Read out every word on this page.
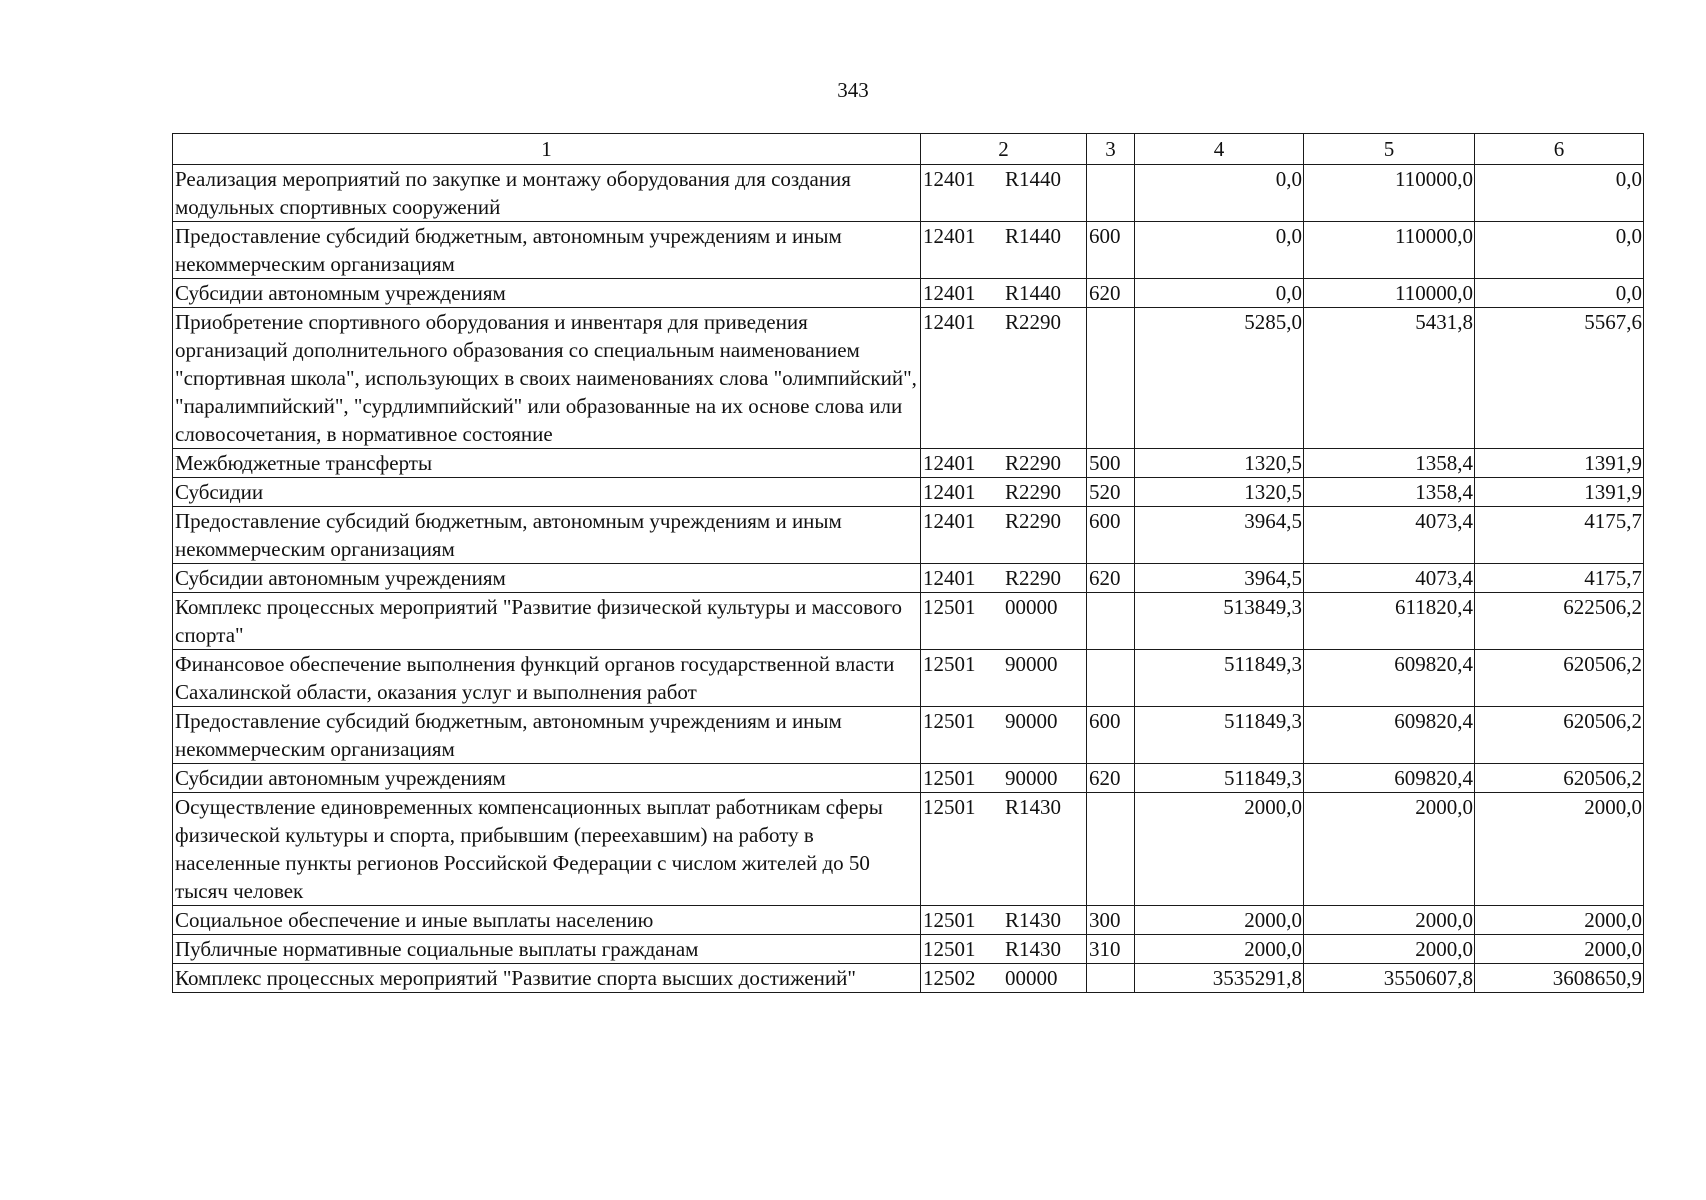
343
1	2	3	4	5	6
Реализация мероприятий по закупке и монтажу оборудования для создания модульных спортивных сооружений	12401 R1440		0,0	110000,0	0,0
Предоставление субсидий бюджетным, автономным учреждениям и иным некоммерческим организациям	12401 R1440	600	0,0	110000,0	0,0
Субсидии автономным учреждениям	12401 R1440	620	0,0	110000,0	0,0
Приобретение спортивного оборудования и инвентаря для приведения организаций дополнительного образования со специальным наименованием "спортивная школа", использующих в своих наименованиях слова "олимпийский", "паралимпийский", "сурдлимпийский" или образованные на их основе слова или словосочетания, в нормативное состояние	12401 R2290		5285,0	5431,8	5567,6
Межбюджетные трансферты	12401 R2290	500	1320,5	1358,4	1391,9
Субсидии	12401 R2290	520	1320,5	1358,4	1391,9
Предоставление субсидий бюджетным, автономным учреждениям и иным некоммерческим организациям	12401 R2290	600	3964,5	4073,4	4175,7
Субсидии автономным учреждениям	12401 R2290	620	3964,5	4073,4	4175,7
Комплекс процессных мероприятий "Развитие физической культуры и массового спорта"	12501 00000		513849,3	611820,4	622506,2
Финансовое обеспечение выполнения функций органов государственной власти Сахалинской области, оказания услуг и выполнения работ	12501 90000		511849,3	609820,4	620506,2
Предоставление субсидий бюджетным, автономным учреждениям и иным некоммерческим организациям	12501 90000	600	511849,3	609820,4	620506,2
Субсидии автономным учреждениям	12501 90000	620	511849,3	609820,4	620506,2
Осуществление единовременных компенсационных выплат работникам сферы физической культуры и спорта, прибывшим (переехавшим) на работу в населенные пункты регионов Российской Федерации с числом жителей до 50 тысяч человек	12501 R1430		2000,0	2000,0	2000,0
Социальное обеспечение и иные выплаты населению	12501 R1430	300	2000,0	2000,0	2000,0
Публичные нормативные социальные выплаты гражданам	12501 R1430	310	2000,0	2000,0	2000,0
Комплекс процессных мероприятий "Развитие спорта высших достижений"	12502 00000		3535291,8	3550607,8	3608650,9
